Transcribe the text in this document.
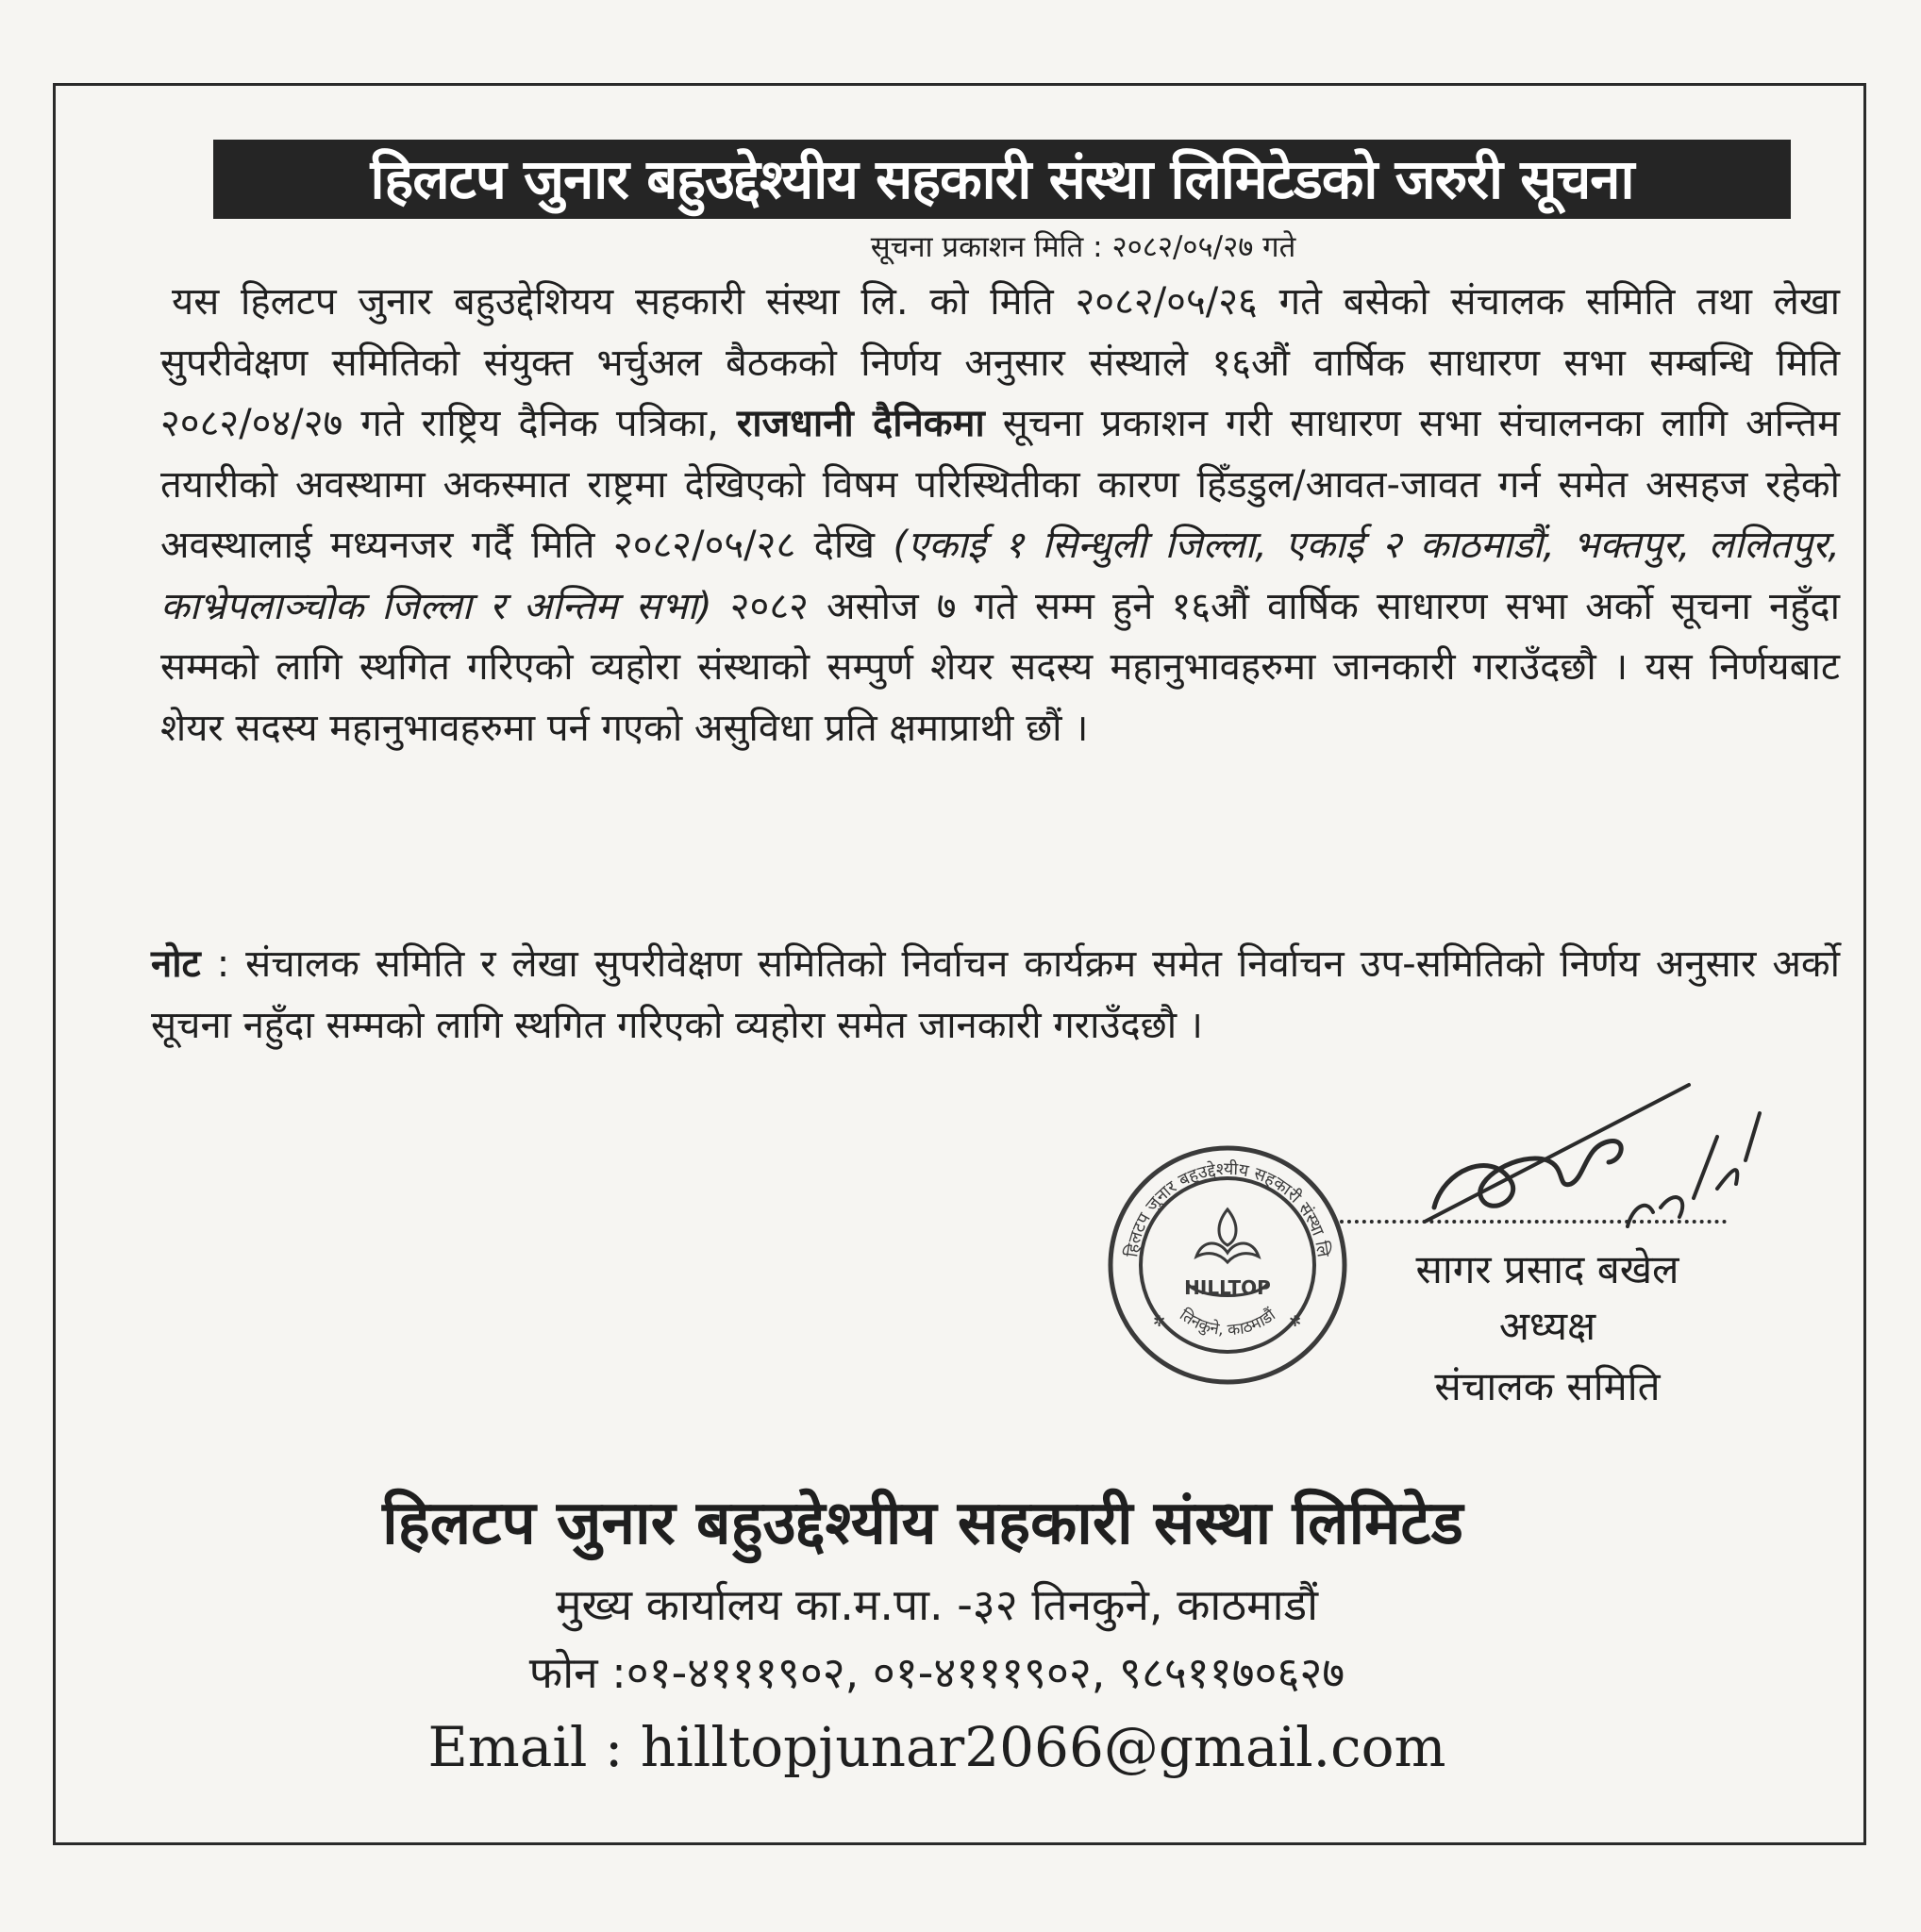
हिलटप जुनार बहुउद्देश्यीय सहकारी संस्था लिमिटेडको जरुरी सूचना
सूचना प्रकाशन मिति : २०८२/०५/२७ गते
यस हिलटप जुनार बहुउद्देशियय सहकारी संस्था लि. को मिति २०८२/०५/२६ गते बसेको संचालक समिति तथा लेखा सुपरीवेक्षण समितिको संयुक्त भर्चुअल बैठकको निर्णय अनुसार संस्थाले १६औं वार्षिक साधारण सभा सम्बन्धि मिति २०८२/०४/२७ गते राष्ट्रिय दैनिक पत्रिका, राजधानी दैनिकमा सूचना प्रकाशन गरी साधारण सभा संचालनका लागि अन्तिम तयारीको अवस्थामा अकस्मात राष्ट्रमा देखिएको विषम परिस्थितीका कारण हिँडडुल/आवत-जावत गर्न समेत असहज रहेको अवस्थालाई मध्यनजर गर्दै मिति २०८२/०५/२८ देखि (एकाई १ सिन्धुली जिल्ला, एकाई २ काठमाडौं, भक्तपुर, ललितपुर, काभ्रेपलाञ्चोक जिल्ला र अन्तिम सभा) २०८२ असोज ७ गते सम्म हुने १६औं वार्षिक साधारण सभा अर्को सूचना नहुँदा सम्मको लागि स्थगित गरिएको व्यहोरा संस्थाको सम्पुर्ण शेयर सदस्य महानुभावहरुमा जानकारी गराउँदछौ । यस निर्णयबाट शेयर सदस्य महानुभावहरुमा पर्न गएको असुविधा प्रति क्षमाप्राथी छौं ।
नोट : संचालक समिति र लेखा सुपरीवेक्षण समितिको निर्वाचन कार्यक्रम समेत निर्वाचन उप-समितिको निर्णय अनुसार अर्को सूचना नहुँदा सम्मको लागि स्थगित गरिएको व्यहोरा समेत जानकारी गराउँदछौ ।
हिलटप जुनार बहुउद्देश्यीय सहकारी संस्था लि
तिनकुने, काठमाडौं
HILLTOP
✲	✲
सागर प्रसाद बखेल
अध्यक्ष
संचालक समिति
हिलटप जुनार बहुउद्देश्यीय सहकारी संस्था लिमिटेड
मुख्य कार्यालय का.म.पा. -३२ तिनकुने, काठमाडौं
फोन :०१-४१११९०२, ०१-४१११९०२, ९८५११७०६२७
Email : hilltopjunar2066@gmail.com
